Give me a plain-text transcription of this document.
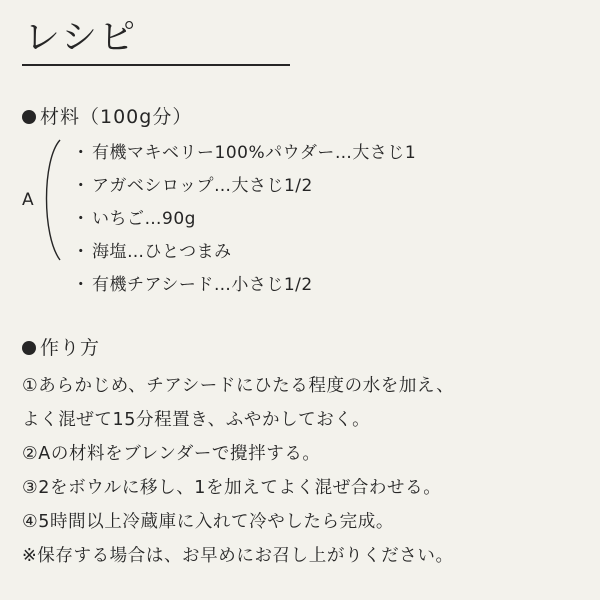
レシピ
材料（100g分）
A
・ 有機マキベリー100%パウダー…大さじ1
・ アガベシロップ…大さじ1/2
・ いちご…90g
・ 海塩…ひとつまみ
・ 有機チアシード…小さじ1/2
作り方
①あらかじめ、チアシードにひたる程度の水を加え、
よく混ぜて15分程置き、ふやかしておく。
②Aの材料をブレンダーで攪拌する。
③2をボウルに移し、1を加えてよく混ぜ合わせる。
④5時間以上冷蔵庫に入れて冷やしたら完成。
※保存する場合は、お早めにお召し上がりください。
